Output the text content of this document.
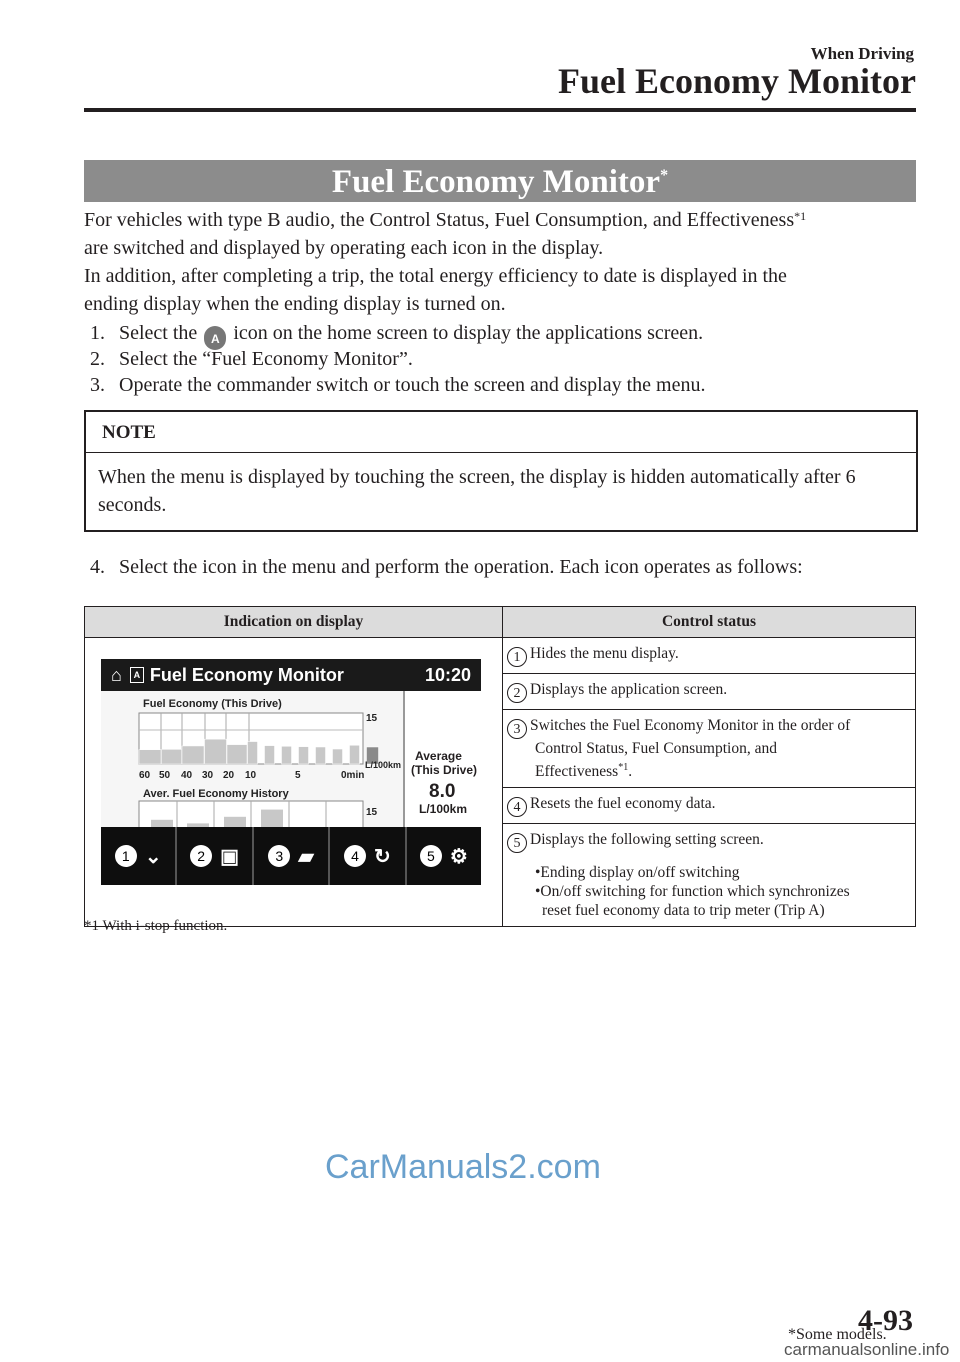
When Driving
Fuel Economy Monitor
Fuel Economy Monitor*
For vehicles with type B audio, the Control Status, Fuel Consumption, and Effectiveness$^{*1}$
are switched and displayed by operating each icon in the display.
In addition, after completing a trip, the total energy efficiency to date is displayed in the
ending display when the ending display is turned on.
1. Select the A icon on the home screen to display the applications screen.
2. Select the “Fuel Economy Monitor”.
3. Operate the commander switch or touch the screen and display the menu.
NOTE
When the menu is displayed by touching the screen, the display is hidden automatically after 6 seconds.
4. Select the icon in the menu and perform the operation. Each icon operates as follows:
Indication on display	Control status
	1 Hides the menu display.
	2 Displays the application screen.
	3 Switches the Fuel Economy Monitor in the order of

Control Status, Fuel Consumption, and
Effectiveness$^{*1}$.

	4 Resets the fuel economy data.
	5 Displays the following setting screen.
•Ending display on/off switching
•On/off switching for function which synchronizes
reset fuel economy data to trip meter (Trip A)
⌂	A Fuel Economy Monitor	10:20
Fuel Economy (This Drive)
15
L/100km
60 50 40 30 20 10	5	0min
Aver. Fuel Economy History
15
Average
(This Drive)
8.0
L/100km
1 ⌄	2 ▣	3 ▰	4 ↻	5 ⚙
*1 With i-stop function.
CarManuals2.com
*Some models.
4-93
carmanualsonline.info
